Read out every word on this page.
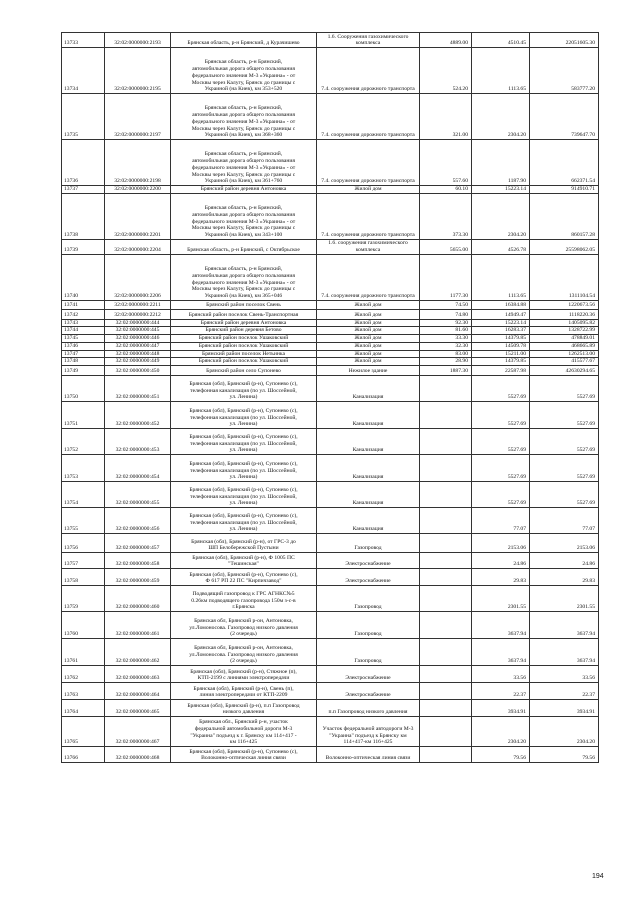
13733	32:02:0000000:2193	Брянская область, р-н Брянский, д Курачишево	1.6. Сооружения газохимического комплекса	4889.00	4510.45	22051605.30
13734	32:02:0000000:2195	Брянская область, р-н Брянский,
автомобильная дорога общего пользования
федерального значения М-3 «Украина» - от
Москвы через Калугу, Брянск до границы с
Украиной (на Киев), км 353+520	7.4. сооружения дорожного транспорта	524.20	1113.65	583777.20
13735	32:02:0000000:2197	Брянская область, р-н Брянский,
автомобильная дорога общего пользования
федерального значения М-3 «Украина» - от
Москвы через Калугу, Брянск до границы с
Украиной (на Киев), км 368+360	7.4. сооружения дорожного транспорта	321.00	2304.20	739647.70
13736	32:02:0000000:2198	Брянская область, р-н Брянский,
автомобильная дорога общего пользования
федерального значения М-3 «Украина» - от
Москвы через Калугу, Брянск до границы с
Украиной (на Киев), км 361+760	7.4. сооружения дорожного транспорта	557.60	1187.90	662371.54
13737	32:02:0000000:2200	Брянский район деревня Антоновка	Жилой дом	60.10	15223.14	914910.71
13738	32:02:0000000:2201	Брянская область, р-н Брянский,
автомобильная дорога общего пользования
федерального значения М-3 «Украина» - от
Москвы через Калугу, Брянск до границы с
Украиной (на Киев), км 343+100	7.4. сооружения дорожного транспорта	373.30	2304.20	860157.28
13739	32:02:0000000:2204	Брянская область, р-н Брянский, с Октябрьское	1.6. сооружения газохимического комплекса	5655.00	4526.78	25598062.05
13740	32:02:0000000:2206	Брянская область, р-н Брянский,
автомобильная дорога общего пользования
федерального значения М-3 «Украина» - от
Москвы через Калугу, Брянск до границы с
Украиной (на Киев), км 365+046	7.4. сооружения дорожного транспорта	1177.30	1113.65	1311104.54
13741	32:02:0000000:2211	Брянский район поселок Свень	Жилой дом	74.50	16384.88	1220673.56
13742	32:02:0000000:2212	Брянский район поселок Свень-Транспортная	Жилой дом	74.80	14949.47	1118220.36
13743	32:02:0000000:444	Брянский район деревня Антоновка	Жилой дом	92.30	15223.14	1405095.82
13744	32:02:0000000:445	Брянский район деревня Бетово	Жилой дом	81.60	16283.37	1328722.99
13745	32:02:0000000:446	Брянский район поселок Ушаковский	Жилой дом	33.30	14379.85	478849.01
13746	32:02:0000000:447	Брянский район поселок Ушаковский	Жилой дом	32.30	14509.78	468665.89
13747	32:02:0000000:448	Брянский район поселок Нетьинка	Жилой дом	83.00	15211.00	1262513.00
13748	32:02:0000000:449	Брянский район поселок Ушаковский	Жилой дом	28.90	14379.85	415577.67
13749	32:02:0000000:450	Брянский район село Супонево	Нежилое здание	1887.30	22587.98	42630294.65
13750	32:02:0000000:451	Брянская (обл), Брянский (р-н), Супонево (с),
телефонная канализация (по ул. Шоссейной,
ул. Ленина)	Канализация		5527.69	5527.69
13751	32:02:0000000:452	Брянская (обл), Брянский (р-н), Супонево (с),
телефонная канализация (по ул. Шоссейной,
ул. Ленина)	Канализация		5527.69	5527.69
13752	32:02:0000000:453	Брянская (обл), Брянский (р-н), Супонево (с),
телефонная канализация (по ул. Шоссейной,
ул. Ленина)	Канализация		5527.69	5527.69
13753	32:02:0000000:454	Брянская (обл), Брянский (р-н), Супонево (с),
телефонная канализация (по ул. Шоссейной,
ул. Ленина)	Канализация		5527.69	5527.69
13754	32:02:0000000:455	Брянская (обл), Брянский (р-н), Супонево (с),
телефонная канализация (по ул. Шоссейной,
ул. Ленина)	Канализация		5527.69	5527.69
13755	32:02:0000000:456	Брянская (обл), Брянский (р-н), Супонево (с),
телефонная канализация (по ул. Шоссейной,
ул. Ленина)	Канализация		77.07	77.07
13756	32:02:0000000:457	Брянская (обл), Брянский (р-н), от ГРС-3 до
ШП Белобережской Пустыни	Газопровод		2153.06	2153.06
13757	32:02:0000000:458	Брянская (обл), Брянский (р-н), Ф 1005 ПС
"Тешинская"	Электроснабжение		24.86	24.86
13758	32:02:0000000:459	Брянская (обл), Брянский (р-н), Супонево (с),
Ф 617 РП 22 ПС "Кирпичзавод"	Электроснабжение		29.83	29.83
13759	32:02:0000000:460	Подводящий газопровод к ГРС АГНКС№5
0.26км подводящего газопровода 150м з-с-в
г.Брянска	Газопровод		2301.55	2301.55
13760	32:02:0000000:461	Брянская обл, Брянский р-он, Антоновка,
ул.Ломоносова. Газопровод низкого давления
(2 очередь)	Газопровод		3637.94	3637.94
13761	32:02:0000000:462	Брянская обл, Брянский р-он, Антоновка,
ул.Ломоносова. Газопровод низкого давления
(2 очередь)	Газопровод		3637.94	3637.94
13762	32:02:0000000:463	Брянская (обл), Брянский (р-н), Стяжное (п),
КТП-2199 с линиями электропередачи	Электроснабжение		33.56	33.56
13763	32:02:0000000:464	Брянская (обл), Брянский (р-н), Свень (п),
линия электропередачи от КТП-2209	Электроснабжение		22.37	22.37
13764	32:02:0000000:465	Брянская (обл), Брянский (р-н), п.п Газопровод
низкого давления	п.п Газопровод низкого давления		3934.91	3934.91
13765	32:02:0000000:467	Брянская обл., Брянский р-н, участок
федеральной автомобильной дороги М-3
"Украина" подъезд к г. Брянску км 114+417 -
км 116+425	Участок федеральной автодороги М-3 "Украина" подъезд к Брянску км 114+417-км 116+425		2304.20	2304.20
13766	32:02:0000000:468	Брянская (обл), Брянский (р-н), Супонево (с),
Волоконно-оптическая линия связи	Волоконно-оптическая линия связи		79.56	79.56
194
